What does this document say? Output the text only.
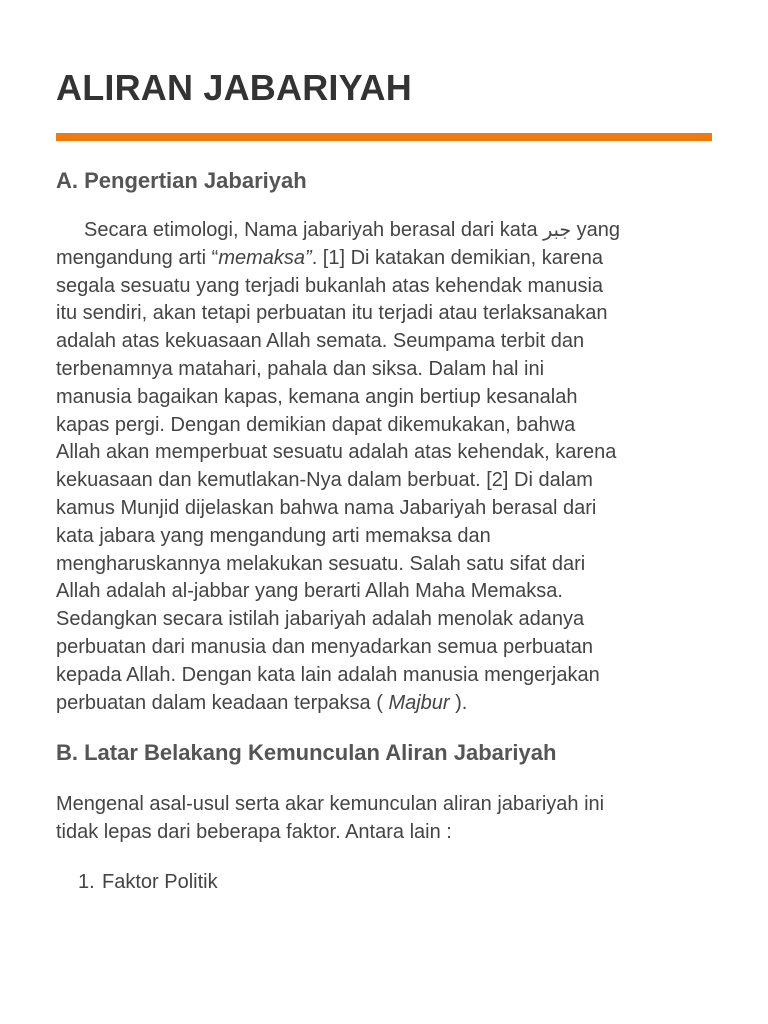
ALIRAN JABARIYAH
A. Pengertian Jabariyah

Secara etimologi, Nama jabariyah berasal dari kata جبر yang
mengandung arti “memaksa”. [1] Di katakan demikian, karena
segala sesuatu yang terjadi bukanlah atas kehendak manusia
itu sendiri, akan tetapi perbuatan itu terjadi atau terlaksanakan
adalah atas kekuasaan Allah semata. Seumpama terbit dan
terbenamnya matahari, pahala dan siksa. Dalam hal ini
manusia bagaikan kapas, kemana angin bertiup kesanalah
kapas pergi. Dengan demikian dapat dikemukakan, bahwa
Allah akan memperbuat sesuatu adalah atas kehendak, karena
kekuasaan dan kemutlakan-Nya dalam berbuat. [2] Di dalam
kamus Munjid dijelaskan bahwa nama Jabariyah berasal dari
kata jabara yang mengandung arti memaksa dan
mengharuskannya melakukan sesuatu. Salah satu sifat dari
Allah adalah al-jabbar yang berarti Allah Maha Memaksa.
Sedangkan secara istilah jabariyah adalah menolak adanya
perbuatan dari manusia dan menyadarkan semua perbuatan
kepada Allah. Dengan kata lain adalah manusia mengerjakan
perbuatan dalam keadaan terpaksa ( Majbur ).

B. Latar Belakang Kemunculan Aliran Jabariyah

Mengenal asal-usul serta akar kemunculan aliran jabariyah ini
tidak lepas dari beberapa faktor. Antara lain :

1. Faktor Politik
